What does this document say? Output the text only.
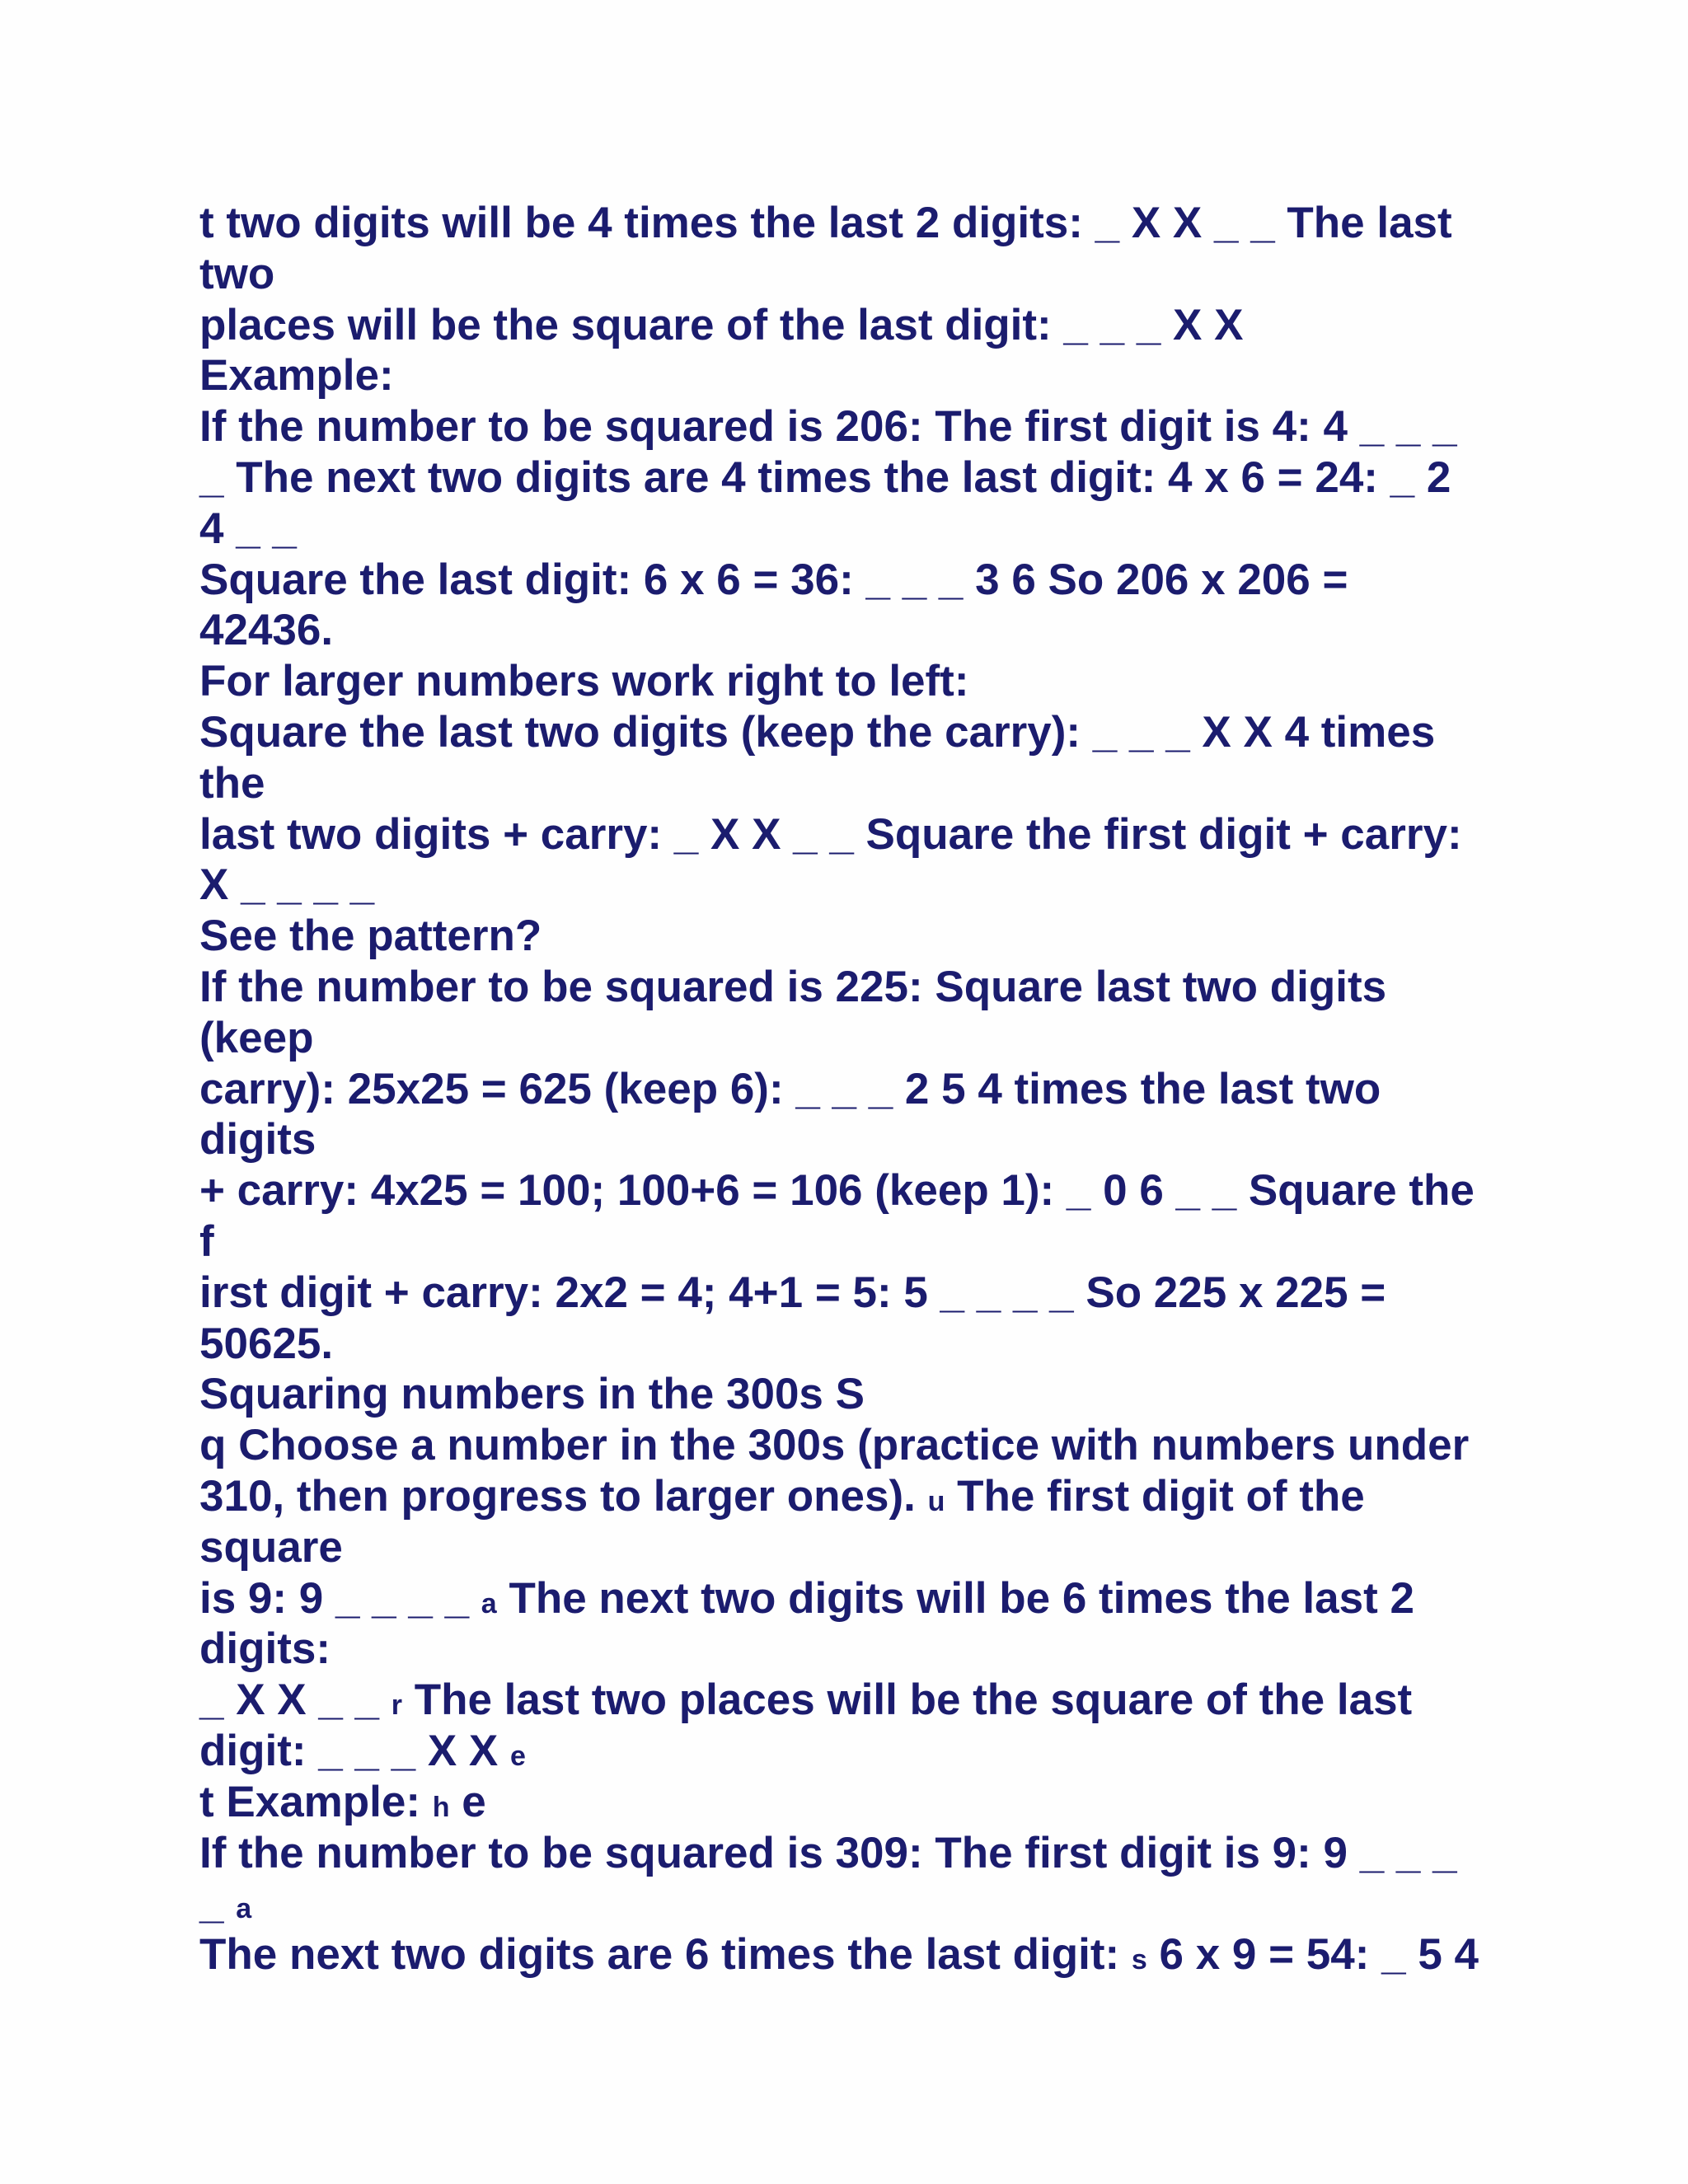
t two digits will be 4 times the last 2 digits: _ X X _ _ The last
two
places will be the square of the last digit: _ _ _ X X
Example:
If the number to be squared is 206: The first digit is 4: 4 _ _ _
_ The next two digits are 4 times the last digit: 4 x 6 = 24: _ 2
4 _ _
Square the last digit: 6 x 6 = 36: _ _ _ 3 6 So 206 x 206 =
42436.
For larger numbers work right to left:
Square the last two digits (keep the carry): _ _ _ X X 4 times
the
last two digits + carry: _ X X _ _ Square the first digit + carry:
X _ _ _ _
See the pattern?
If the number to be squared is 225: Square last two digits
(keep
carry): 25x25 = 625 (keep 6): _ _ _ 2 5 4 times the last two
digits
+ carry: 4x25 = 100; 100+6 = 106 (keep 1): _ 0 6 _ _ Square the
f
irst digit + carry: 2x2 = 4; 4+1 = 5: 5 _ _ _ _ So 225 x 225 =
50625.
Squaring numbers in the 300s S
q Choose a number in the 300s (practice with numbers under
310, then progress to larger ones). u The first digit of the
square
is 9: 9 _ _ _ _ a The next two digits will be 6 times the last 2
digits:
_ X X _ _ r The last two places will be the square of the last
digit: _ _ _ X X e
t Example: h e
If the number to be squared is 309: The first digit is 9: 9 _ _ _
_ a
The next two digits are 6 times the last digit: s 6 x 9 = 54: _ 5 4
